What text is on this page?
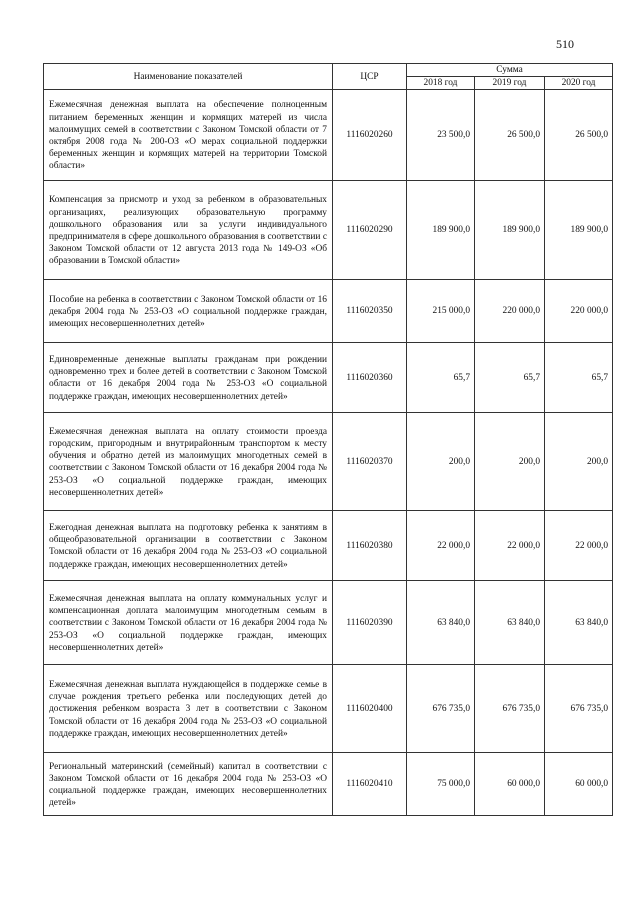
510
Наименование показателей	ЦСР	Сумма		
		2018 год	2019 год	2020 год
Ежемесячная денежная выплата на обеспечение полноценным питанием беременных женщин и кормящих матерей из числа малоимущих семей в соответствии с Законом Томской области от 7 октября 2008 года № 200-ОЗ «О мерах социальной поддержки беременных женщин и кормящих матерей на территории Томской области»	1116020260	23 500,0	26 500,0	26 500,0
Компенсация за присмотр и уход за ребенком в образовательных организациях, реализующих образовательную программу дошкольного образования или за услуги индивидуального предпринимателя в сфере дошкольного образования в соответствии с Законом Томской области от 12 августа 2013 года № 149-ОЗ «Об образовании в Томской области»	1116020290	189 900,0	189 900,0	189 900,0
Пособие на ребенка в соответствии с Законом Томской области от 16 декабря 2004 года № 253-ОЗ «О социальной поддержке граждан, имеющих несовершеннолетних детей»	1116020350	215 000,0	220 000,0	220 000,0
Единовременные денежные выплаты гражданам при рождении одновременно трех и более детей в соответствии с Законом Томской области от 16 декабря 2004 года № 253-ОЗ «О социальной поддержке граждан, имеющих несовершеннолетних детей»	1116020360	65,7	65,7	65,7
Ежемесячная денежная выплата на оплату стоимости проезда городским, пригородным и внутрирайонным транспортом к месту обучения и обратно детей из малоимущих многодетных семей в соответствии с Законом Томской области от 16 декабря 2004 года № 253-ОЗ «О социальной поддержке граждан, имеющих несовершеннолетних детей»	1116020370	200,0	200,0	200,0
Ежегодная денежная выплата на подготовку ребенка к занятиям в общеобразовательной организации в соответствии с Законом Томской области от 16 декабря 2004 года № 253-ОЗ «О социальной поддержке граждан, имеющих несовершеннолетних детей»	1116020380	22 000,0	22 000,0	22 000,0
Ежемесячная денежная выплата на оплату коммунальных услуг и компенсационная доплата малоимущим многодетным семьям в соответствии с Законом Томской области от 16 декабря 2004 года № 253-ОЗ «О социальной поддержке граждан, имеющих несовершеннолетних детей»	1116020390	63 840,0	63 840,0	63 840,0
Ежемесячная денежная выплата нуждающейся в поддержке семье в случае рождения третьего ребенка или последующих детей до достижения ребенком возраста 3 лет в соответствии с Законом Томской области от 16 декабря 2004 года № 253-ОЗ «О социальной поддержке граждан, имеющих несовершеннолетних детей»	1116020400	676 735,0	676 735,0	676 735,0
Региональный материнский (семейный) капитал в соответствии с Законом Томской области от 16 декабря 2004 года № 253-ОЗ «О социальной поддержке граждан, имеющих несовершеннолетних детей»	1116020410	75 000,0	60 000,0	60 000,0
